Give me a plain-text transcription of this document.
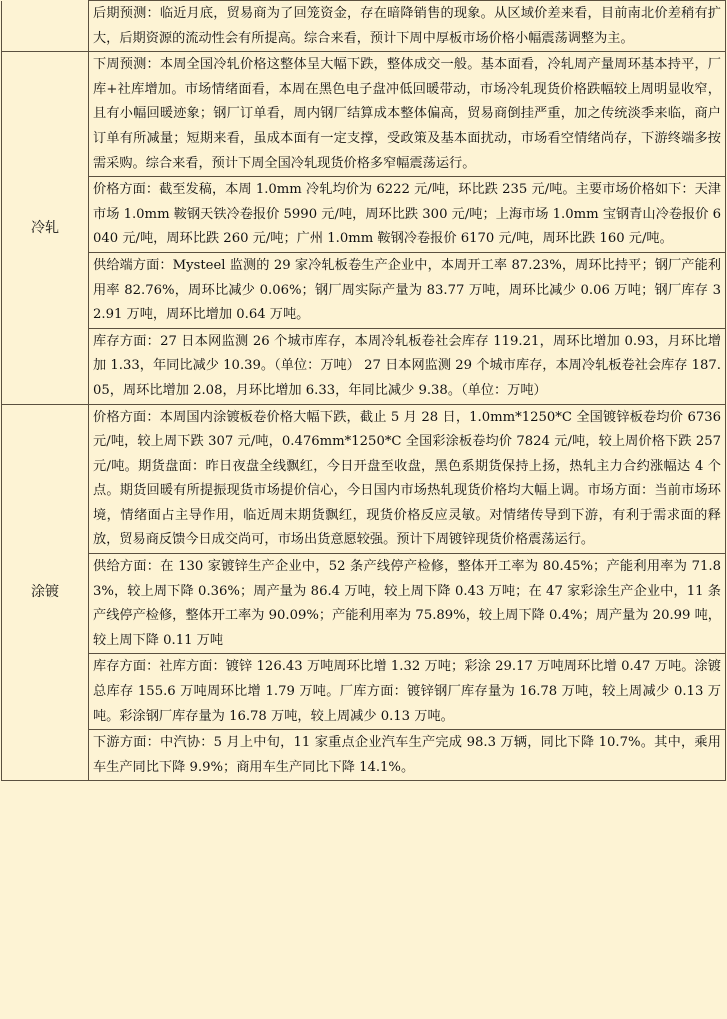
	后期预测：临近月底，贸易商为了回笼资金，存在暗降销售的现象。从区域价差来看，目前南北价差稍有扩大，后期资源的流动性会有所提高。综合来看，预计下周中厚板市场价格小幅震荡调整为主。
冷轧	下周预测：本周全国冷轧价格这整体呈大幅下跌，整体成交一般。基本面看，冷轧周产量周环基本持平，厂库+社库增加。市场情绪面看，本周在黑色电子盘冲低回暖带动，市场冷轧现货价格跌幅较上周明显收窄，且有小幅回暖迹象；钢厂订单看，周内钢厂结算成本整体偏高，贸易商倒挂严重，加之传统淡季来临，商户订单有所减量；短期来看，虽成本面有一定支撑，受政策及基本面扰动，市场看空情绪尚存，下游终端多按需采购。综合来看，预计下周全国冷轧现货价格多窄幅震荡运行。
	价格方面：截至发稿，本周 1.0mm 冷轧均价为 6222 元/吨，环比跌 235 元/吨。主要市场价格如下：天津市场 1.0mm 鞍钢天铁冷卷报价 5990 元/吨，周环比跌 300 元/吨；上海市场 1.0mm 宝钢青山冷卷报价 6040 元/吨，周环比跌 260 元/吨；广州 1.0mm 鞍钢冷卷报价 6170 元/吨，周环比跌 160 元/吨。
	供给端方面：Mysteel 监测的 29 家冷轧板卷生产企业中，本周开工率 87.23%，周环比持平；钢厂产能利用率 82.76%，周环比减少 0.06%；钢厂周实际产量为 83.77 万吨，周环比减少 0.06 万吨；钢厂库存 32.91 万吨，周环比增加 0.64 万吨。
	库存方面：27 日本网监测 26 个城市库存，本周冷轧板卷社会库存 119.21，周环比增加 0.93，月环比增加 1.33，年同比减少 10.39。（单位：万吨） 27 日本网监测 29 个城市库存，本周冷轧板卷社会库存 187.05，周环比增加 2.08，月环比增加 6.33，年同比减少 9.38。（单位：万吨）
涂镀	价格方面：本周国内涂镀板卷价格大幅下跌，截止 5 月 28 日，1.0mm*1250*C 全国镀锌板卷均价 6736 元/吨，较上周下跌 307 元/吨，0.476mm*1250*C 全国彩涂板卷均价 7824 元/吨，较上周价格下跌 257 元/吨。期货盘面：昨日夜盘全线飘红，今日开盘至收盘，黑色系期货保持上扬，热轧主力合约涨幅达 4 个点。期货回暖有所提振现货市场提价信心，今日国内市场热轧现货价格均大幅上调。市场方面：当前市场环境，情绪面占主导作用，临近周末期货飘红，现货价格反应灵敏。对情绪传导到下游，有利于需求面的释放，贸易商反馈今日成交尚可，市场出货意愿较强。预计下周镀锌现货价格震荡运行。
	供给方面：在 130 家镀锌生产企业中，52 条产线停产检修，整体开工率为 80.45%；产能利用率为 71.83%，较上周下降 0.36%；周产量为 86.4 万吨，较上周下降 0.43 万吨；在 47 家彩涂生产企业中，11 条产线停产检修，整体开工率为 90.09%；产能利用率为 75.89%，较上周下降 0.4%；周产量为 20.99 吨，较上周下降 0.11 万吨
	库存方面：社库方面：镀锌 126.43 万吨周环比增 1.32 万吨；彩涂 29.17 万吨周环比增 0.47 万吨。涂镀总库存 155.6 万吨周环比增 1.79 万吨。厂库方面：镀锌钢厂库存量为 16.78 万吨，较上周减少 0.13 万吨。彩涂钢厂库存量为 16.78 万吨，较上周减少 0.13 万吨。
	下游方面：中汽协：5 月上中旬，11 家重点企业汽车生产完成 98.3 万辆，同比下降 10.7%。其中，乘用车生产同比下降 9.9%；商用车生产同比下降 14.1%。
